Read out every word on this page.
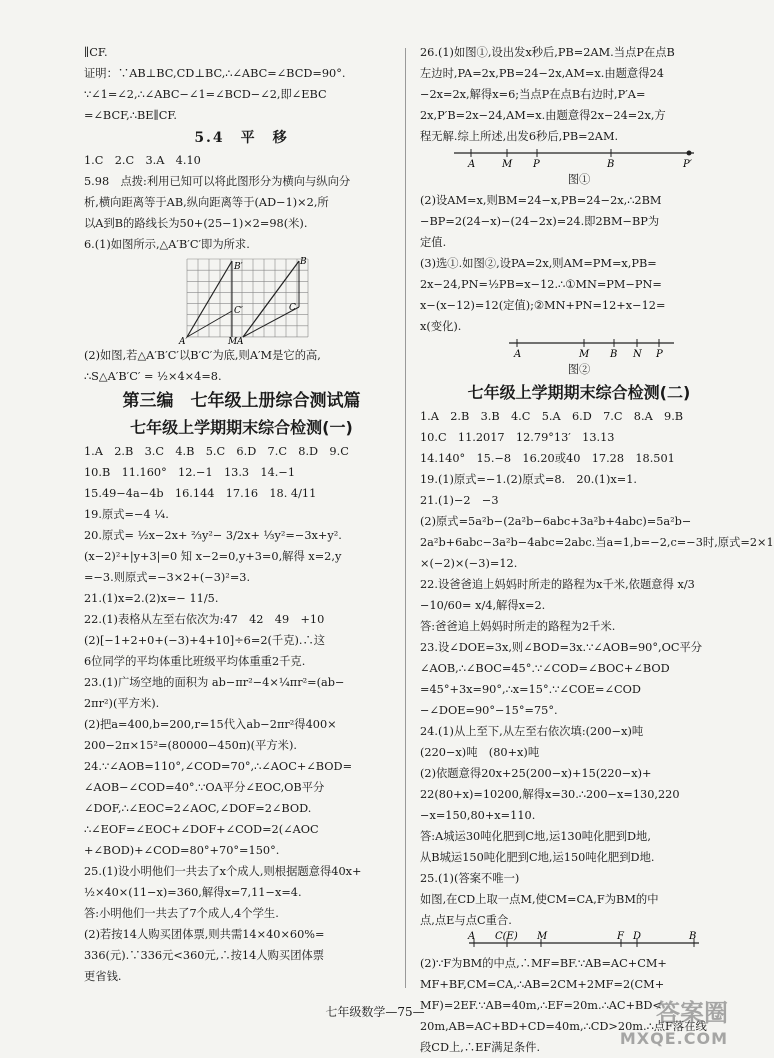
∥CF.
证明：∵AB⊥BC,CD⊥BC,∴∠ABC=∠BCD=90°.
∵∠1=∠2,∴∠ABC−∠1=∠BCD−∠2,即∠EBC
=∠BCF,∴BE∥CF.
5.4　平　移
1.C　2.C　3.A　4.10
5.98　点拨:利用已知可以将此图形分为横向与纵向分
析,横向距离等于AB,纵向距离等于(AD−1)×2,所
以A到B的路线长为50+(25−1)×2=98(米).
6.(1)如图所示,△A′B′C′即为所求.
B′	B
C′	C
A′	M A
(2)如图,若△A′B′C′以B′C′为底,则A′M是它的高,
∴S△A′B′C′ = ½×4×4=8.
第三编　七年级上册综合测试篇
七年级上学期期末综合检测(一)
1.A　2.B　3.C　4.B　5.C　6.D　7.C　8.D　9.C
10.B　11.160°　12.−1　13.3　14.−1
15.49−4a−4b　16.144　17.16　18. 4/11
19.原式=−4 ¼.
20.原式= ½x−2x+ ⅔y²− 3/2x+ ⅓y²=−3x+y².
(x−2)²+|y+3|=0 知 x−2=0,y+3=0,解得 x=2,y
=−3.则原式=−3×2+(−3)²=3.
21.(1)x=2.(2)x=− 11/5.
22.(1)表格从左至右依次为:47　42　49　+10
(2)[−1+2+0+(−3)+4+10]÷6=2(千克).∴这
6位同学的平均体重比班级平均体重重2千克.
23.(1)广场空地的面积为 ab−πr²−4×¼πr²=(ab−
2πr²)(平方米).
(2)把a=400,b=200,r=15代入ab−2πr²得400×
200−2π×15²=(80000−450π)(平方米).
24.∵∠AOB=110°,∠COD=70°,∴∠AOC+∠BOD=
∠AOB−∠COD=40°.∵OA平分∠EOC,OB平分
∠DOF,∴∠EOC=2∠AOC,∠DOF=2∠BOD.
∴∠EOF=∠EOC+∠DOF+∠COD=2(∠AOC
+∠BOD)+∠COD=80°+70°=150°.
25.(1)设小明他们一共去了x个成人,则根据题意得40x+
½×40×(11−x)=360,解得x=7,11−x=4.
答:小明他们一共去了7个成人,4个学生.
(2)若按14人购买团体票,则共需14×40×60%=
336(元).∵336元<360元,∴按14人购买团体票
更省钱.
26.(1)如图①,设出发x秒后,PB=2AM.当点P在点B
左边时,PA=2x,PB=24−2x,AM=x.由题意得24
−2x=2x,解得x=6;当点P在点B右边时,P′A=
2x,P′B=2x−24,AM=x.由题意得2x−24=2x,方
程无解.综上所述,出发6秒后,PB=2AM.
A	M P	B	P′
图①
(2)设AM=x,则BM=24−x,PB=24−2x,∴2BM
−BP=2(24−x)−(24−2x)=24.即2BM−BP为
定值.
(3)选①.如图②,设PA=2x,则AM=PM=x,PB=
2x−24,PN=½PB=x−12.∴①MN=PM−PN=
x−(x−12)=12(定值);②MN+PN=12+x−12=
x(变化).
A	M B N P
图②
七年级上学期期末综合检测(二)
1.A　2.B　3.B　4.C　5.A　6.D　7.C　8.A　9.B
10.C　11.2017　12.79°13′　13.13
14.140°　15.−8　16.20或40　17.28　18.501
19.(1)原式=−1.(2)原式=8.　20.(1)x=1.
21.(1)−2　−3
(2)原式=5a²b−(2a²b−6abc+3a²b+4abc)=5a²b−
2a²b+6abc−3a²b−4abc=2abc.当a=1,b=−2,c=−3时,原式=2×1
×(−2)×(−3)=12.
22.设爸爸追上妈妈时所走的路程为x千米,依题意得 x/3
−10/60= x/4,解得x=2.
答:爸爸追上妈妈时所走的路程为2千米.
23.设∠DOE=3x,则∠BOD=3x.∵∠AOB=90°,OC平分
∠AOB,∴∠BOC=45°.∵∠COD=∠BOC+∠BOD
=45°+3x=90°,∴x=15°.∵∠COE=∠COD
−∠DOE=90°−15°=75°.
24.(1)从上至下,从左至右依次填:(200−x)吨
(220−x)吨　(80+x)吨
(2)依题意得20x+25(200−x)+15(220−x)+
22(80+x)=10200,解得x=30.∴200−x=130,220
−x=150,80+x=110.
答:A城运30吨化肥到C地,运130吨化肥到D地,
从B城运150吨化肥到C地,运150吨化肥到D地.
25.(1)(答案不唯一)
如图,在CD上取一点M,使CM=CA,F为BM的中
点,点E与点C重合.
A C(E) M	F D	B
(2)∵F为BM的中点,∴MF=BF.∵AB=AC+CM+
MF+BF,CM=CA,∴AB=2CM+2MF=2(CM+
MF)=2EF.∵AB=40m,∴EF=20m.∴AC+BD<
20m,AB=AC+BD+CD=40m,∴CD>20m.∴点F落在线
段CD上,∴EF满足条件.
七年级数学—75—	答案圈
MXQE.COM
